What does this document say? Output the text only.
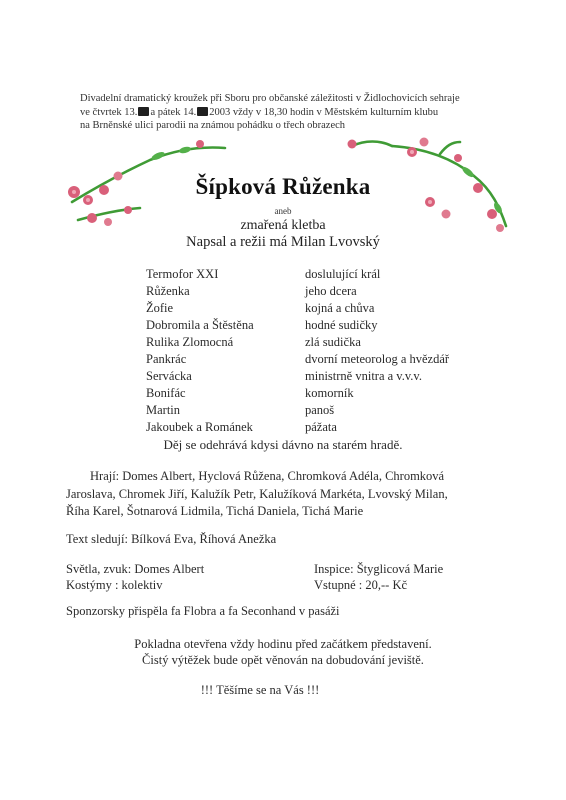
Divadelní dramatický kroužek při Sboru pro občanské záležitosti v Židlochovicích sehraje
ve čtvrtek 13. a pátek 14. 2003 vždy v 18,30 hodin v Městském kulturním klubu
na Brněnské ulici parodii na známou pohádku o třech obrazech
Šípková Růženka
aneb
zmařená kletba
Napsal a režii má Milan Lvovský
Termofor XXI	doslulující král
Růženka	jeho dcera
Žofie	kojná a chůva
Dobromila a Štěstěna	hodné sudičky
Rulika Zlomocná	zlá sudička
Pankrác	dvorní meteorolog a hvězdář
Servácka	ministrně vnitra a v.v.v.
Bonifác	komorník
Martin	panoš
Jakoubek a Románek	pážata
Děj se odehrává kdysi dávno na starém hradě.
Hrají: Domes Albert, Hyclová Růžena, Chromková Adéla, Chromková
Jaroslava, Chromek Jiří, Kalužík Petr, Kalužíková Markéta, Lvovský Milan,
Říha Karel, Šotnarová Lidmila, Tichá Daniela, Tichá Marie
Text sledují: Bílková Eva, Říhová Anežka
Světla, zvuk: Domes Albert	Inspice: Štyglicová Marie
Kostýmy : kolektiv	Vstupné : 20,-- Kč
Sponzorsky přispěla fa Flobra a fa Seconhand v pasáži
Pokladna otevřena vždy hodinu před začátkem představení.
Čistý výtěžek bude opět věnován na dobudování jeviště.
!!! Těšíme se na Vás !!!
